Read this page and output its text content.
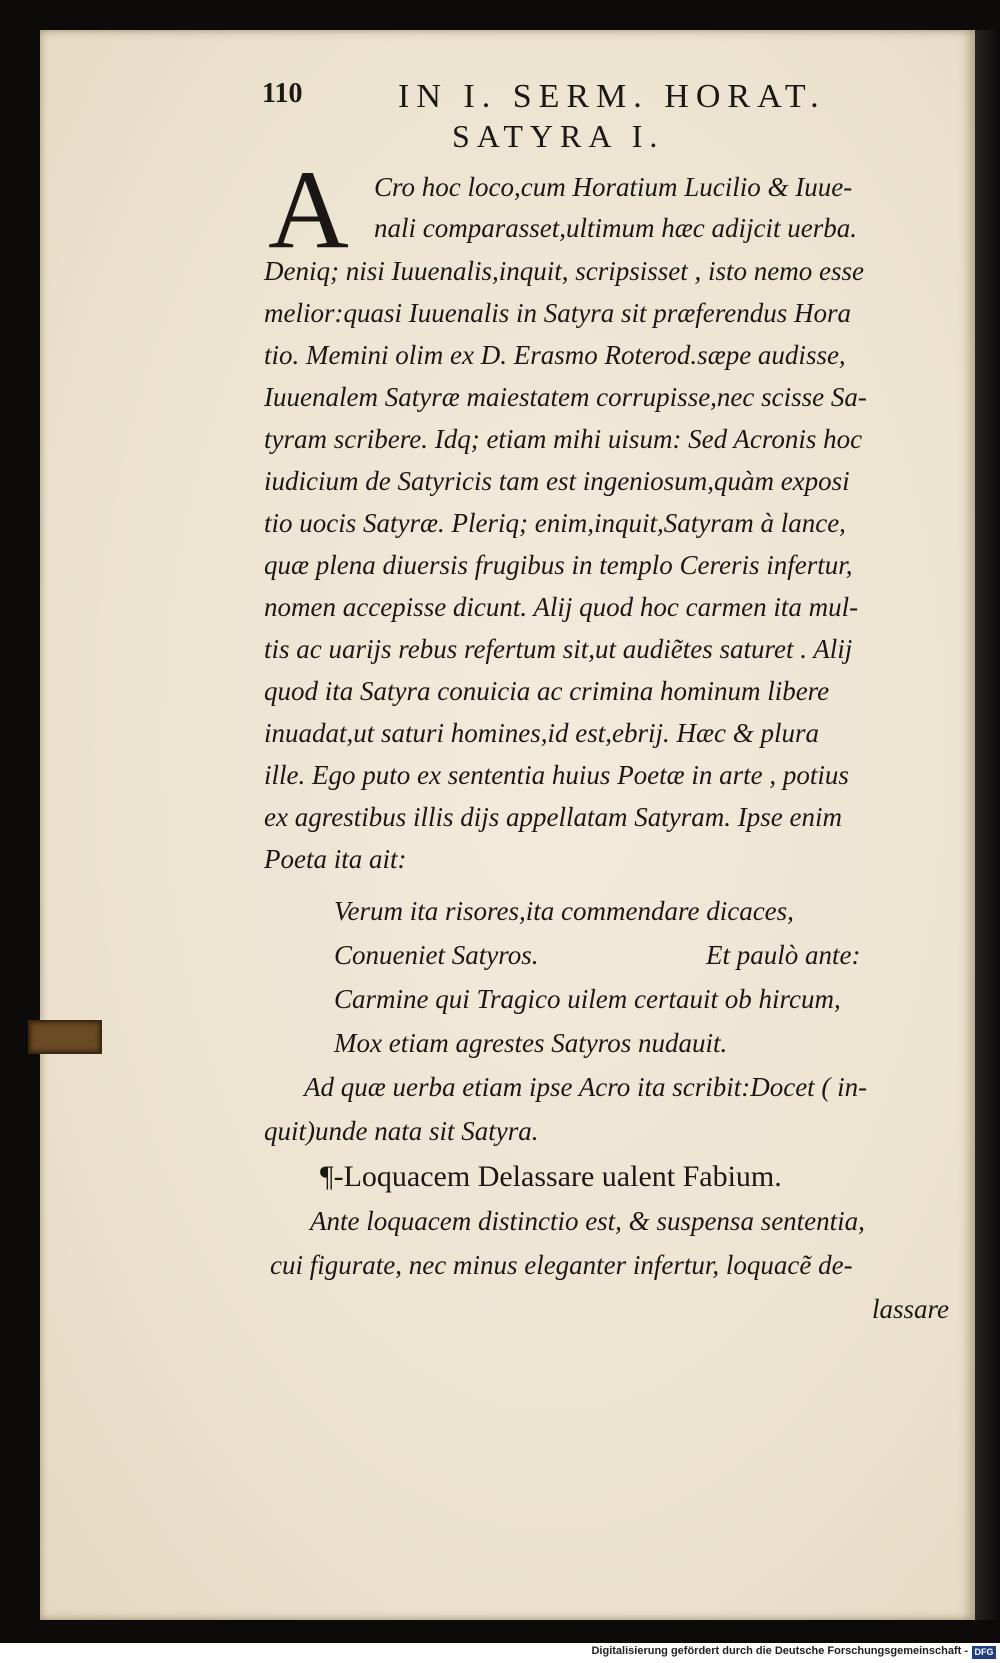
110	IN I. SERM. HORAT.
SATYRA I.
A Cro hoc loco,cum Horatium Lucilio & Iuue-
nali comparasset,ultimum hæc adijcit uerba.
Deniq; nisi Iuuenalis,inquit, scripsisset , isto nemo esse
melior:quasi Iuuenalis in Satyra sit præferendus Hora
tio. Memini olim ex D. Erasmo Roterod.sæpe audisse,
Iuuenalem Satyræ maiestatem corrupisse,nec scisse Sa-
tyram scribere. Idq; etiam mihi uisum: Sed Acronis hoc
iudicium de Satyricis tam est ingeniosum,quàm exposi
tio uocis Satyræ. Pleriq; enim,inquit,Satyram à lance,
quæ plena diuersis frugibus in templo Cereris infertur,
nomen accepisse dicunt. Alij quod hoc carmen ita mul-
tis ac uarijs rebus refertum sit,ut audiẽtes saturet . Alij
quod ita Satyra conuicia ac crimina hominum libere
inuadat,ut saturi homines,id est,ebrij. Hæc & plura
ille. Ego puto ex sententia huius Poetæ in arte , potius
ex agrestibus illis dijs appellatam Satyram. Ipse enim
Poeta ita ait:
Verum ita risores,ita commendare dicaces,
Conueniet Satyros.	Et paulò ante:
Carmine qui Tragico uilem certauit ob hircum,
Mox etiam agrestes Satyros nudauit.
Ad quæ uerba etiam ipse Acro ita scribit:Docet ( in-
quit)unde nata sit Satyra.
¶-Loquacem Delassare ualent Fabium.
Ante loquacem distinctio est, & suspensa sententia,
cui figurate, nec minus eleganter infertur, loquacẽ de-
lassare
Digitalisierung gefördert durch die Deutsche Forschungsgemeinschaft - DFG
